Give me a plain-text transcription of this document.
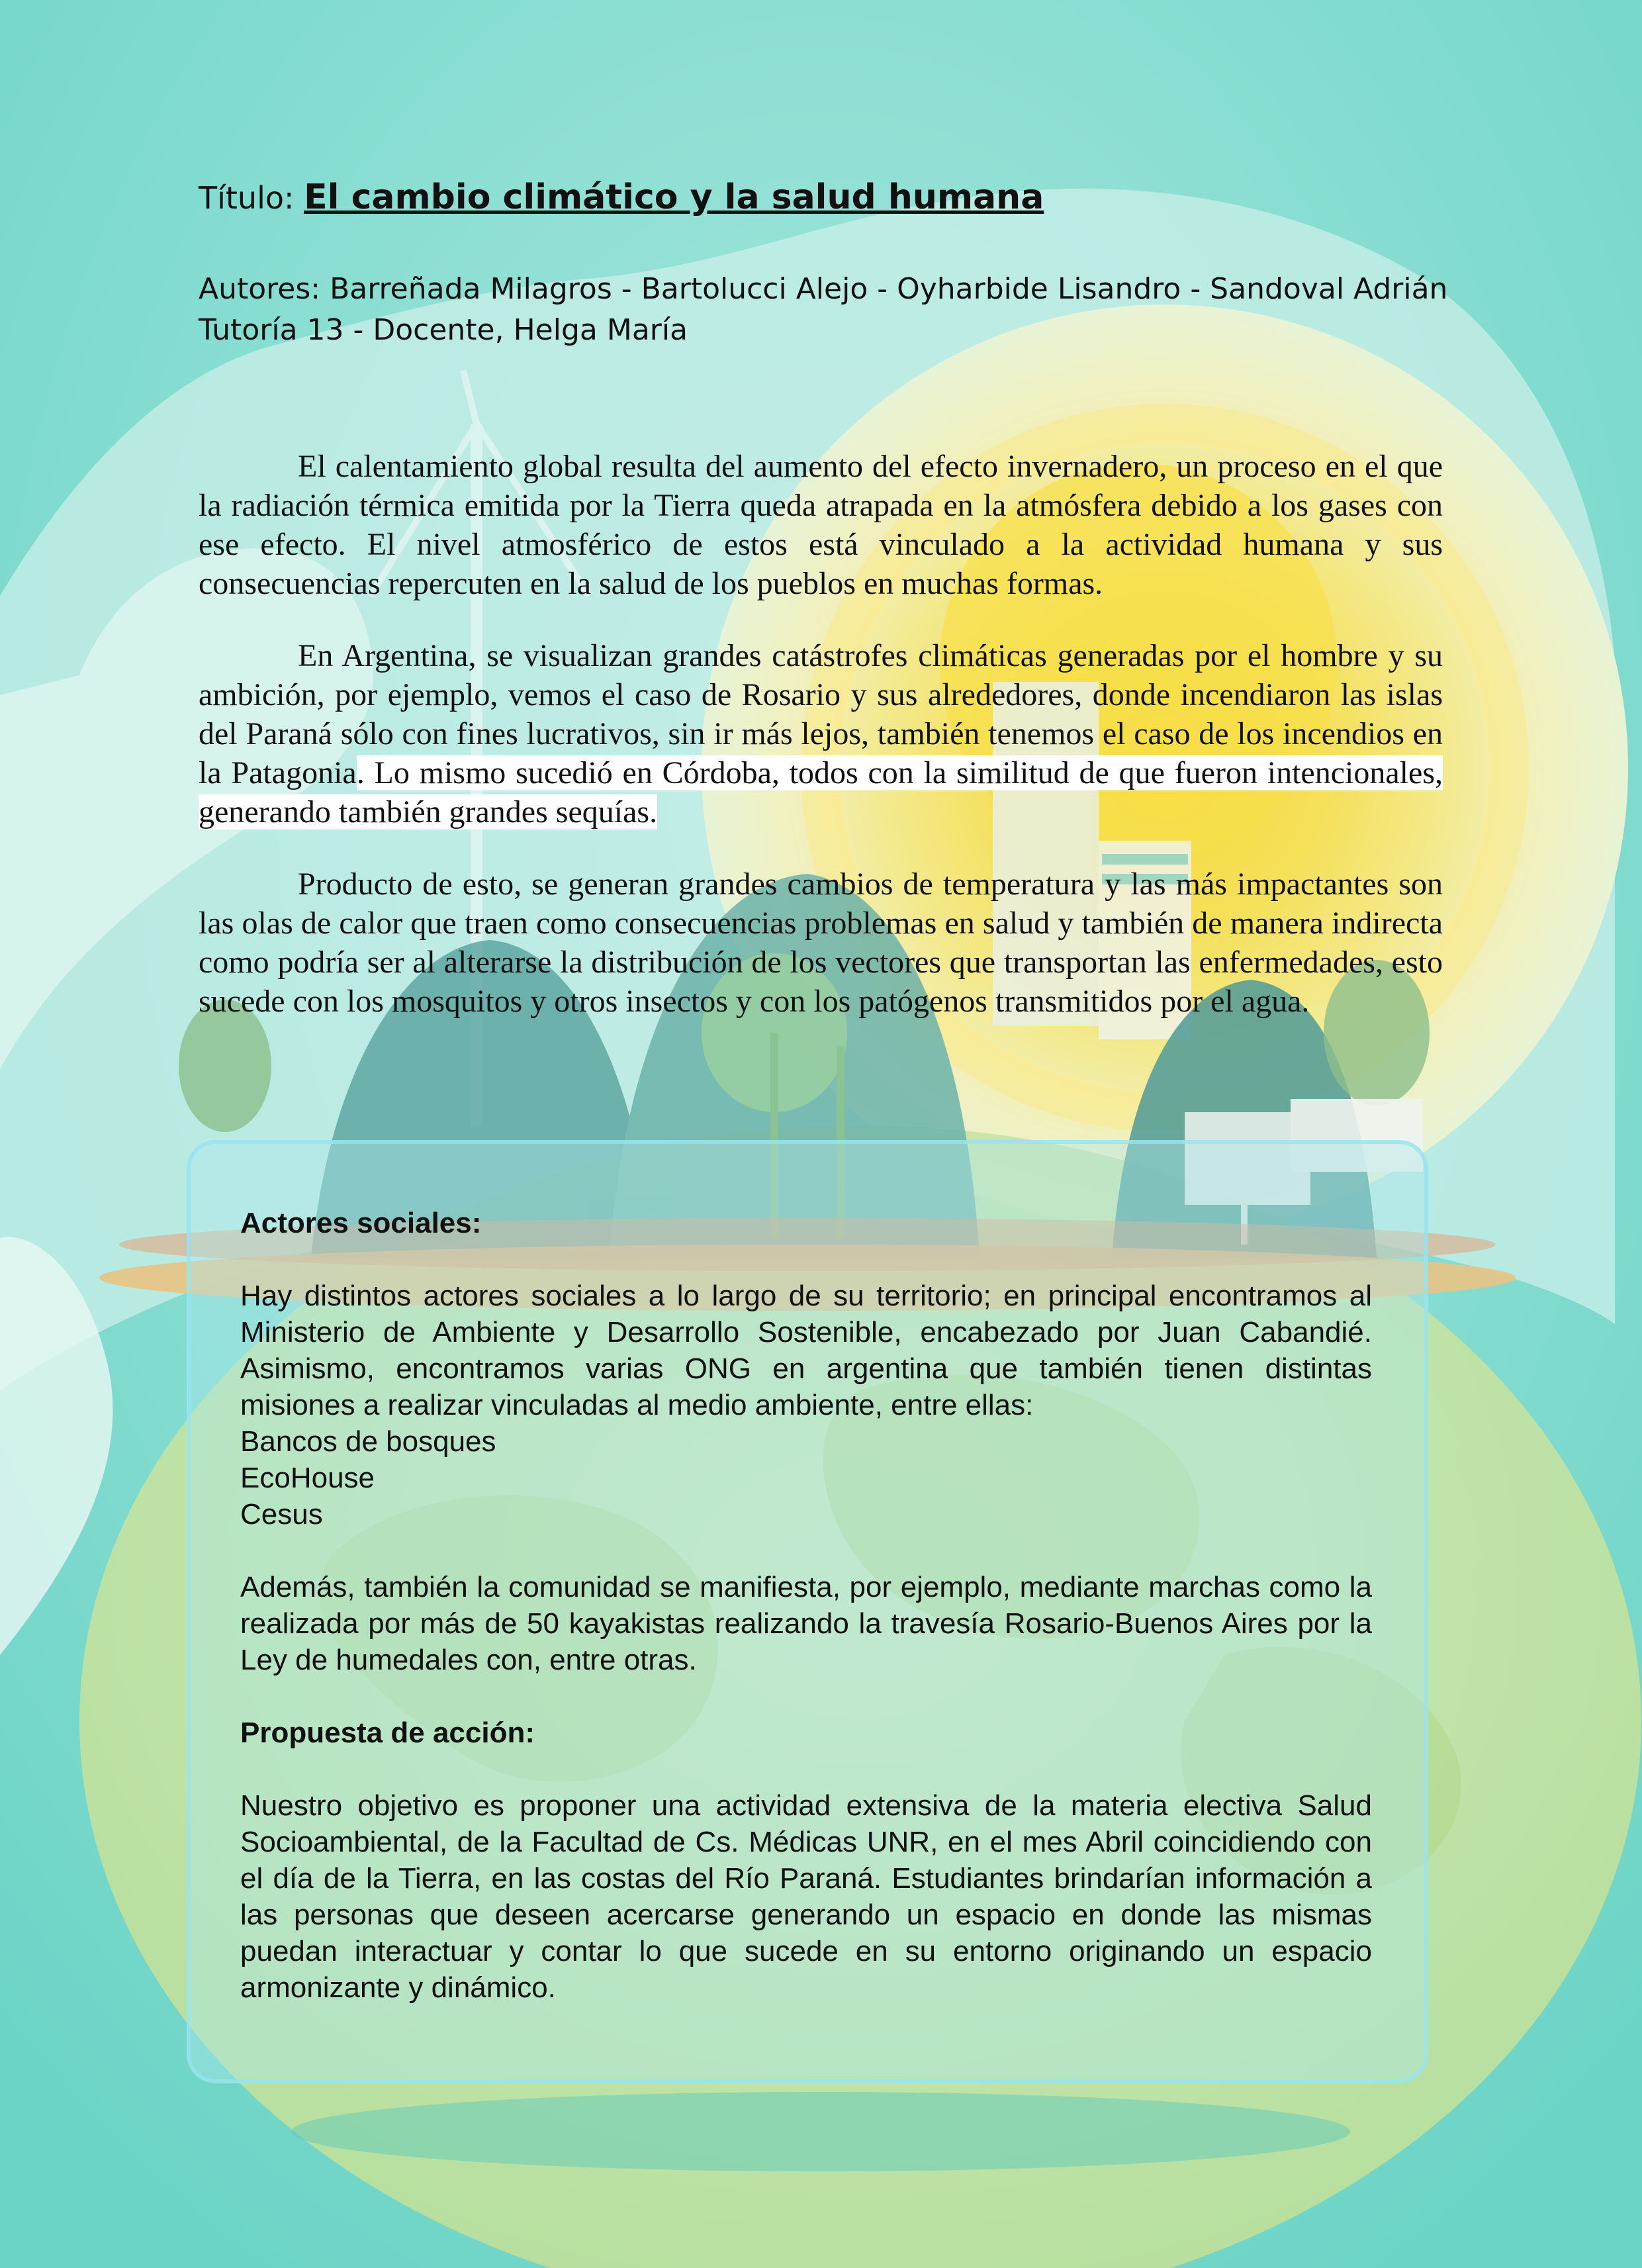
Título: El cambio climático y la salud humana

Autores: Barreñada Milagros - Bartolucci Alejo - Oyharbide Lisandro - Sandoval Adrián

Tutoría 13 - Docente, Helga María

El calentamiento global resulta del aumento del efecto invernadero, un proceso en el que la radiación térmica emitida por la Tierra queda atrapada en la atmósfera debido a los gases con ese efecto. El nivel atmosférico de estos está vinculado a la actividad humana y sus consecuencias repercuten en la salud de los pueblos en muchas formas.

En Argentina, se visualizan grandes catástrofes climáticas generadas por el hombre y su ambición, por ejemplo, vemos el caso de Rosario y sus alrededores, donde incendiaron las islas del Paraná sólo con fines lucrativos, sin ir más lejos, también tenemos el caso de los incendios en la Patagonia. Lo mismo sucedió en Córdoba, todos con la similitud de que fueron intencionales, generando también grandes sequías.

Producto de esto, se generan grandes cambios de temperatura y las más impactantes son las olas de calor que traen como consecuencias problemas en salud y también de manera indirecta como podría ser al alterarse la distribución de los vectores que transportan las enfermedades, esto sucede con los mosquitos y otros insectos y con los patógenos transmitidos por el agua.

Actores sociales:

Hay distintos actores sociales a lo largo de su territorio; en principal encontramos al Ministerio de Ambiente y Desarrollo Sostenible, encabezado por Juan Cabandié. Asimismo, encontramos varias ONG en argentina que también tienen distintas misiones a realizar vinculadas al medio ambiente, entre ellas:

Bancos de bosques
EcoHouse
Cesus

Además, también la comunidad se manifiesta, por ejemplo, mediante marchas como la realizada por más de 50 kayakistas realizando la travesía Rosario-Buenos Aires por la Ley de humedales con, entre otras.

Propuesta de acción:

Nuestro objetivo es proponer una actividad extensiva de la materia electiva Salud Socioambiental, de la Facultad de Cs. Médicas UNR, en el mes Abril coincidiendo con el día de la Tierra, en las costas del Río Paraná. Estudiantes brindarían información a las personas que deseen acercarse generando un espacio en donde las mismas puedan interactuar y contar lo que sucede en su entorno originando un espacio armonizante y dinámico.
